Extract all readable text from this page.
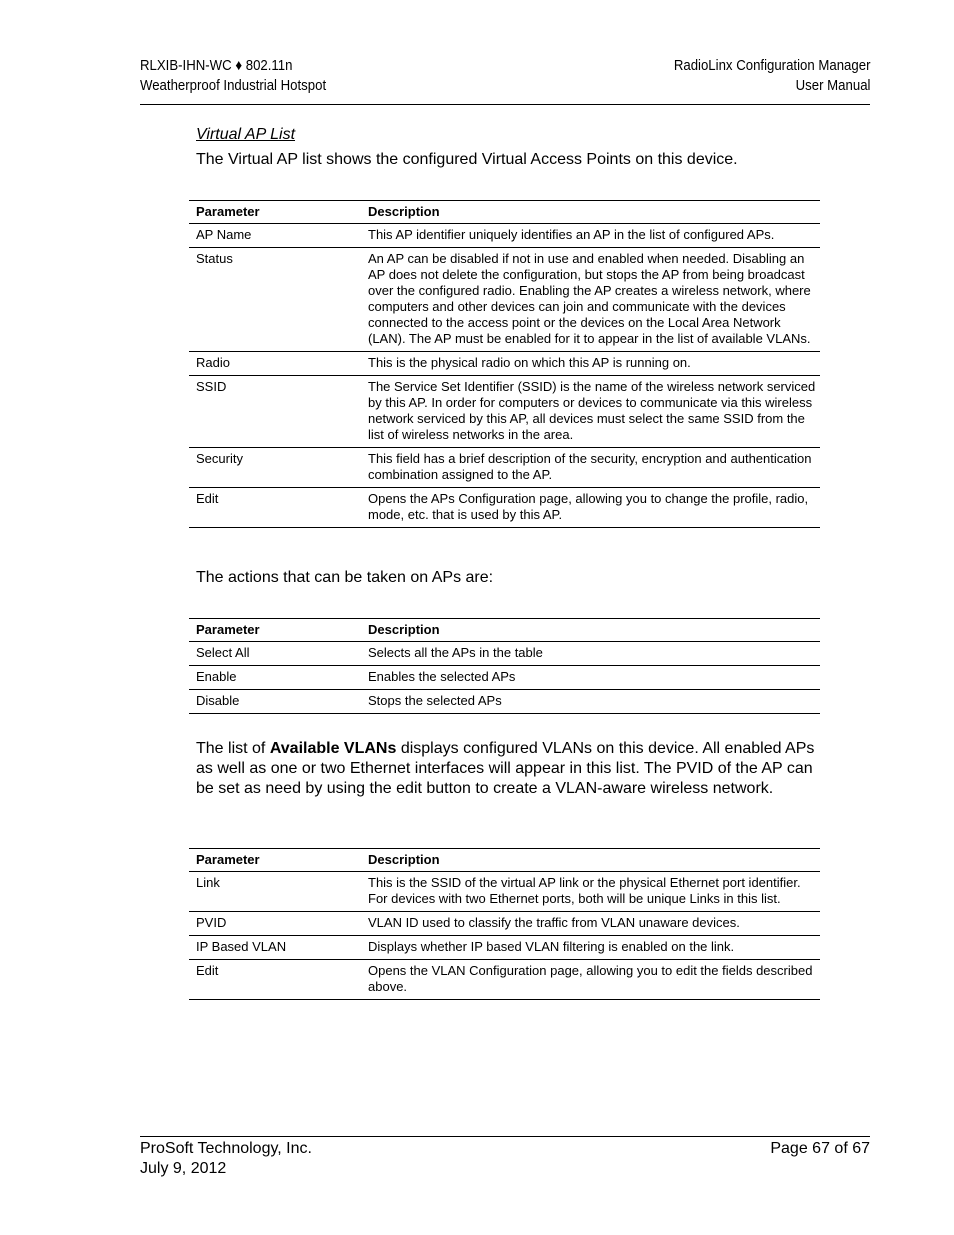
RLXIB-IHN-WC ♦ 802.11n
Weatherproof Industrial Hotspot
RadioLinx Configuration Manager
User Manual
Virtual AP List
The Virtual AP list shows the configured Virtual Access Points on this device.
Parameter	Description
AP Name	This AP identifier uniquely identifies an AP in the list of configured APs.
Status	An AP can be disabled if not in use and enabled when needed. Disabling an AP does not delete the configuration, but stops the AP from being broadcast over the configured radio. Enabling the AP creates a wireless network, where computers and other devices can join and communicate with the devices connected to the access point or the devices on the Local Area Network (LAN). The AP must be enabled for it to appear in the list of available VLANs.
Radio	This is the physical radio on which this AP is running on.
SSID	The Service Set Identifier (SSID) is the name of the wireless network serviced by this AP. In order for computers or devices to communicate via this wireless network serviced by this AP, all devices must select the same SSID from the list of wireless networks in the area.
Security	This field has a brief description of the security, encryption and authentication combination assigned to the AP.
Edit	Opens the APs Configuration page, allowing you to change the profile, radio, mode, etc. that is used by this AP.
The actions that can be taken on APs are:
Parameter	Description
Select All	Selects all the APs in the table
Enable	Enables the selected APs
Disable	Stops the selected APs
The list of Available VLANs displays configured VLANs on this device. All enabled APs as well as one or two Ethernet interfaces will appear in this list. The PVID of the AP can be set as need by using the edit button to create a VLAN-aware wireless network.
Parameter	Description
Link	This is the SSID of the virtual AP link or the physical Ethernet port identifier. For devices with two Ethernet ports, both will be unique Links in this list.
PVID	VLAN ID used to classify the traffic from VLAN unaware devices.
IP Based VLAN	Displays whether IP based VLAN filtering is enabled on the link.
Edit	Opens the VLAN Configuration page, allowing you to edit the fields described above.
ProSoft Technology, Inc.
July 9, 2012
Page 67 of 67
